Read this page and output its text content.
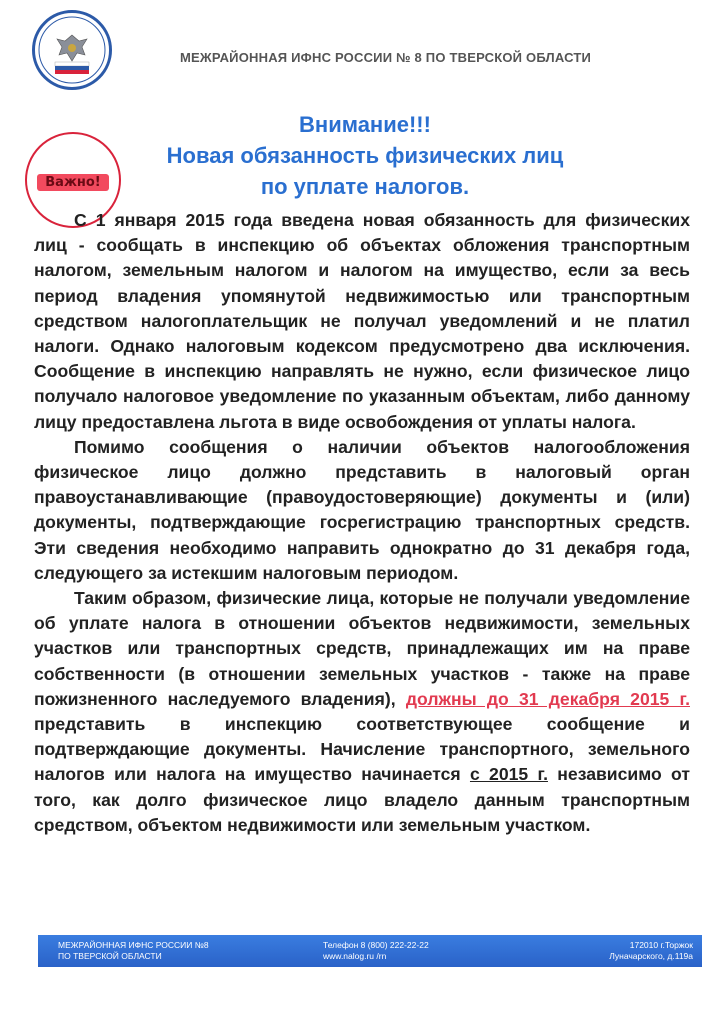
МЕЖРАЙОННАЯ ИФНС РОССИИ № 8 ПО ТВЕРСКОЙ ОБЛАСТИ
Важно!
Внимание!!!
Новая обязанность физических лиц
по уплате налогов.

С 1 января 2015 года введена новая обязанность для физических лиц - сообщать в инспекцию об объектах обложения транспортным налогом, земельным налогом и налогом на имущество, если за весь период владения упомянутой недвижимостью или транспортным средством налогоплательщик не получал уведомлений и не платил налоги. Однако налоговым кодексом предусмотрено два исключения. Сообщение в инспекцию направлять не нужно, если физическое лицо получало налоговое уведомление по указанным объектам, либо данному лицу предоставлена льгота в виде освобождения от уплаты налога.

Помимо сообщения о наличии объектов налогообложения физическое лицо должно представить в налоговый орган правоустанавливающие (правоудостоверяющие) документы и (или) документы, подтверждающие госрегистрацию транспортных средств. Эти сведения необходимо направить однократно до 31 декабря года, следующего за истекшим налоговым периодом.

Таким образом, физические лица, которые не получали уведомление об уплате налога в отношении объектов недвижимости, земельных участков или транспортных средств, принадлежащих им на праве собственности (в отношении земельных участков - также на праве пожизненного наследуемого владения), должны до 31 декабря 2015 г. представить в инспекцию соответствующее сообщение и подтверждающие документы. Начисление транспортного, земельного налогов или налога на имущество начинается с 2015 г. независимо от того, как долго физическое лицо владело данным транспортным средством, объектом недвижимости или земельным участком.

МЕЖРАЙОННАЯ ИФНС РОССИИ №8
ПО ТВЕРСКОЙ ОБЛАСТИ
Телефон 8 (800) 222-22-22
www.nalog.ru /rn
172010 г.Торжок
Луначарского, д.119а
